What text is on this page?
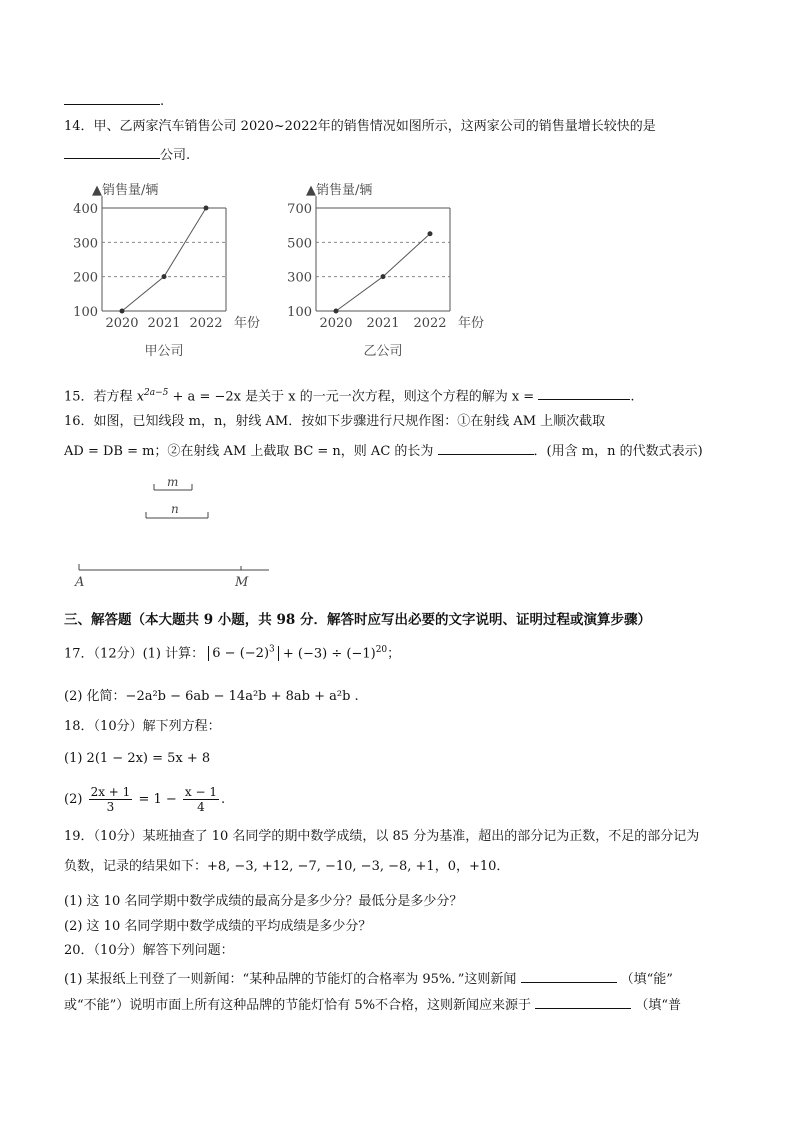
.
14．甲、乙两家汽车销售公司 2020~2022年的销售情况如图所示，这两家公司的销售量增长较快的是
公司.
▲销售量/辆
100
200
300
400
2020 2021 2022 年份
甲公司
▲销售量/辆
100
300
500
700
2020 2021 2022 年份
乙公司
15．若方程 $x^{2a-5} + a = -2x$ 是关于 x 的一元一次方程，则这个方程的解为 x =	.
16．如图，已知线段 m，n，射线 AM．按如下步骤进行尺规作图：①在射线 AM 上顺次截取
AD = DB = m；②在射线 AM 上截取 BC = n，则 AC 的长为	．(用含 m，n 的代数式表示)
m
n
A	M
三、解答题（本大题共 9 小题，共 98 分．解答时应写出必要的文字说明、证明过程或演算步骤）
17．（12分）(1) 计算： $6 - (-2)^3 + (-3) \div (-1)^{20}$；
(2) 化简：−2a²b − 6ab − 14a²b + 8ab + a²b .
18．（10分）解下列方程：
(1) 2(1 − 2x) = 5x + 8
$(2) \frac{2x + 1}{3} = 1 - \frac{x - 1}{4}$ .
19．（10分）某班抽查了 10 名同学的期中数学成绩，以 85 分为基准，超出的部分记为正数，不足的部分记为
负数，记录的结果如下：+8, −3, +12, −7, −10, −3, −8, +1，0，+10．
(1) 这 10 名同学期中数学成绩的最高分是多少分？最低分是多少分？
(2) 这 10 名同学期中数学成绩的平均成绩是多少分？
20．（10分）解答下列问题：
(1) 某报纸上刊登了一则新闻：“某种品牌的节能灯的合格率为 95%．”这则新闻	（填“能”
或“不能”）说明市面上所有这种品牌的节能灯恰有 5%不合格，这则新闻应来源于	（填“普
